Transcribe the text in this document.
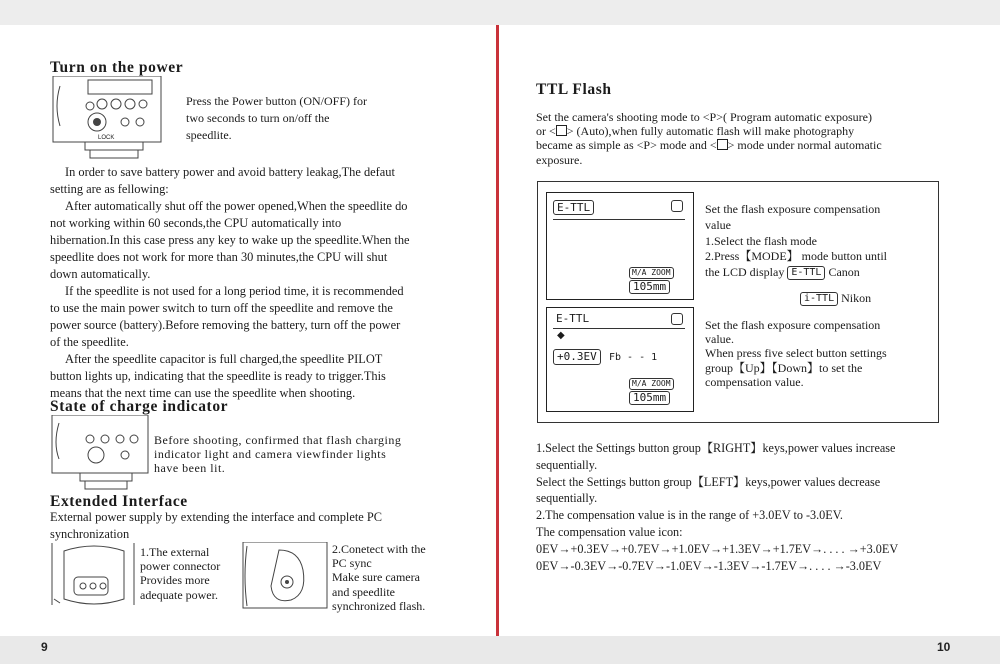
Turn on the power
LOCK

Press the Power button (ON/OFF) for
two seconds to turn on/off the
speedlite.

In order to save battery power and avoid battery leakag,The defaut
setting are as fellowing:
After automatically shut off the power opened,When the speedlite do
not working within 60 seconds,the CPU automatically into
hibernation.In this case press any key to wake up the speedlite.When the
speedlite does not work for more than 30 minutes,the CPU will shut
down automatically.
If the speedlite is not used for a long period time, it is recommended
to use the main power switch to turn off the speedlite and remove the
power source (battery).Before removing the battery, turn off the power
of the speedlite.
After the speedlite capacitor is full charged,the speedlite PILOT
button lights up, indicating that the speedlite is ready to trigger.This
means that the next time can use the speedlite when shooting.

State of charge indicator

Before shooting, confirmed that flash charging
indicator light and camera viewfinder lights
have been lit.

Extended Interface

External power supply by extending the interface and complete PC
synchronization

1.The external
power connector
Provides more
adequate power.

2.Conetect with the
PC sync
Make sure camera
and speedlite
synchronized flash.

9
TTL Flash

Set the camera's shooting mode to <P>( Program automatic exposure)
or < > (Auto),when fully automatic flash will make photography
became as simple as <P> mode and < > mode under normal automatic
exposure.

E-TTL
M/A ZOOM
105mm

Set the flash exposure compensation
value
1.Select the flash mode
2.Press【MODE】 mode button until
the LCD display E-TTL Canon

i-TTL Nikon

E-TTL
◆
+0.3EV	Fb - - 1
M/A ZOOM
105mm

Set the flash exposure compensation
value.
When press five select button settings
group【Up】【Down】to set the
compensation value.

1.Select the Settings button group【RIGHT】keys,power values increase
sequentially.
Select the Settings button group【LEFT】keys,power values decrease
sequentially.
2.The compensation value is in the range of +3.0EV to -3.0EV.
The compensation value icon:
0EV→+0.3EV→+0.7EV→+1.0EV→+1.3EV→+1.7EV→. . . . →+3.0EV
0EV→-0.3EV→-0.7EV→-1.0EV→-1.3EV→-1.7EV→. . . . →-3.0EV

10
